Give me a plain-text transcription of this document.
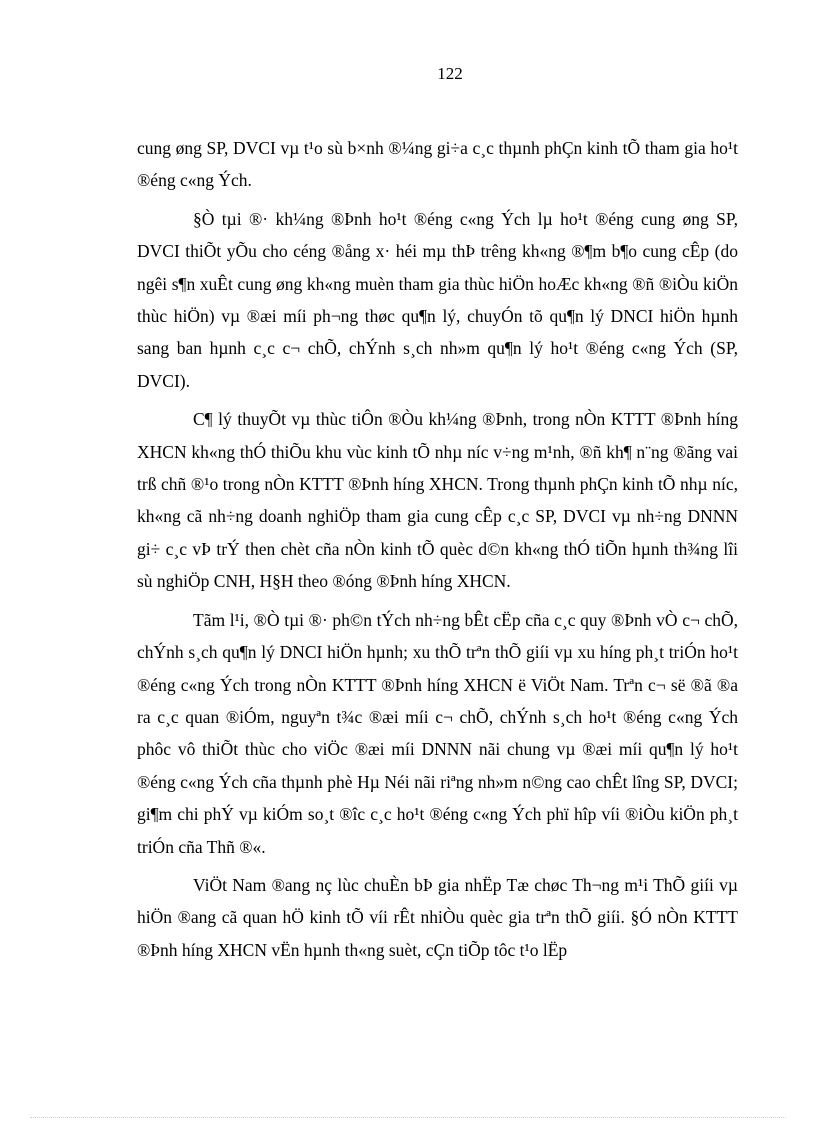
122

cung øng SP, DVCI vµ t¹o sù b×nh ®¼ng gi÷a c¸c thµnh phÇn kinh tÕ tham gia ho¹t ®éng c«ng Ých.

§Ò tµi ®· kh¼ng ®Þnh ho¹t ®éng c«ng Ých lµ ho¹t ®éng cung øng SP, DVCI thiÕt yÕu cho céng ®ång x· héi mµ thÞ trêng kh«ng ®¶m b¶o cung cÊp (do ngêi s¶n xuÊt cung øng kh«ng muèn tham gia thùc hiÖn hoÆc kh«ng ®ñ ®iÒu kiÖn thùc hiÖn) vµ ®æi míi ph¬ng thøc qu¶n lý, chuyÓn tõ qu¶n lý DNCI hiÖn hµnh sang ban hµnh c¸c c¬ chÕ, chÝnh s¸ch nh»m qu¶n lý ho¹t ®éng c«ng Ých (SP, DVCI).

C¶ lý thuyÕt vµ thùc tiÔn ®Òu kh¼ng ®Þnh, trong nÒn KTTT ®Þnh híng XHCN kh«ng thÓ thiÕu khu vùc kinh tÕ nhµ níc v÷ng m¹nh, ®ñ kh¶ n¨ng ®ãng vai trß chñ ®¹o trong nÒn KTTT ®Þnh híng XHCN. Trong thµnh phÇn kinh tÕ nhµ níc, kh«ng cã nh÷ng doanh nghiÖp tham gia cung cÊp c¸c SP, DVCI vµ nh÷ng DNNN gi÷ c¸c vÞ trÝ then chèt cña nÒn kinh tÕ quèc d©n kh«ng thÓ tiÕn hµnh th¾ng lîi sù nghiÖp CNH, H§H theo ®óng ®Þnh híng XHCN.

Tãm l¹i, ®Ò tµi ®· ph©n tÝch nh÷ng bÊt cËp cña c¸c quy ®Þnh vÒ c¬ chÕ, chÝnh s¸ch qu¶n lý DNCI hiÖn hµnh; xu thÕ trªn thÕ giíi vµ xu híng ph¸t triÓn ho¹t ®éng c«ng Ých trong nÒn KTTT ®Þnh híng XHCN ë ViÖt Nam. Trªn c¬ së ®ã ®a ra c¸c quan ®iÓm, nguyªn t¾c ®æi míi c¬ chÕ, chÝnh s¸ch ho¹t ®éng c«ng Ých phôc vô thiÕt thùc cho viÖc ®æi míi DNNN nãi chung vµ ®æi míi qu¶n lý ho¹t ®éng c«ng Ých cña thµnh phè Hµ Néi nãi riªng nh»m n©ng cao chÊt lîng SP, DVCI; gi¶m chi phÝ vµ kiÓm so¸t ®îc c¸c ho¹t ®éng c«ng Ých phï hîp víi ®iÒu kiÖn ph¸t triÓn cña Thñ ®«.

ViÖt Nam ®ang nç lùc chuÈn bÞ gia nhËp Tæ chøc Th¬ng m¹i ThÕ giíi vµ hiÖn ®ang cã quan hÖ kinh tÕ víi rÊt nhiÒu quèc gia trªn thÕ giíi. §Ó nÒn KTTT ®Þnh híng XHCN vËn hµnh th«ng suèt, cÇn tiÕp tôc t¹o lËp
